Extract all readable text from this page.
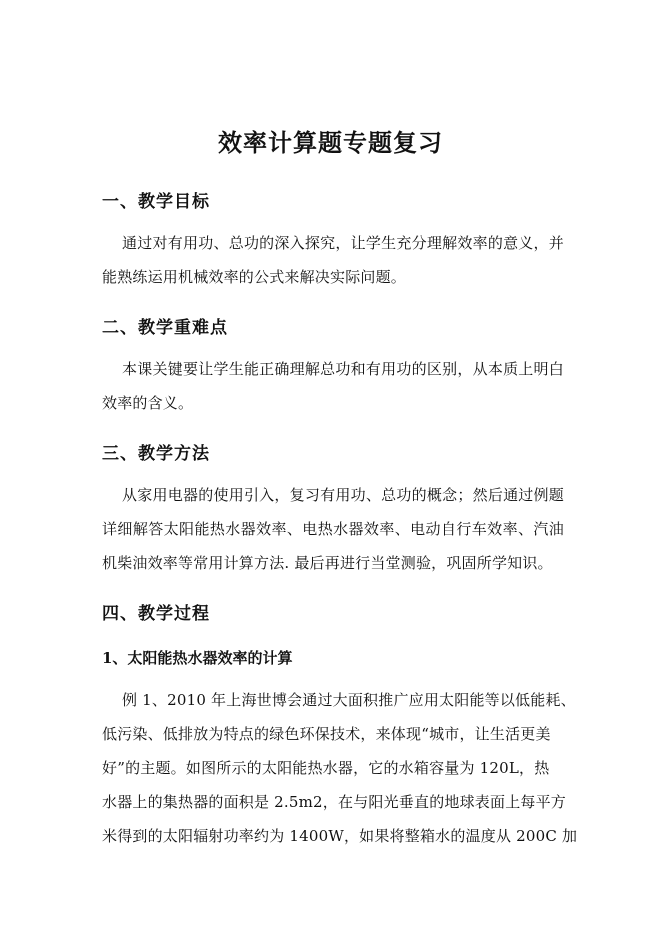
效率计算题专题复习
一、教学目标
通过对有用功、总功的深入探究，让学生充分理解效率的意义，并能熟练运用机械效率的公式来解决实际问题。
二、教学重难点
本课关键要让学生能正确理解总功和有用功的区别，从本质上明白效率的含义。
三、教学方法
从家用电器的使用引入，复习有用功、总功的概念；然后通过例题详细解答太阳能热水器效率、电热水器效率、电动自行车效率、汽油机柴油效率等常用计算方法. 最后再进行当堂测验，巩固所学知识。
四、教学过程
1、太阳能热水器效率的计算
例 1、2010 年上海世博会通过大面积推广应用太阳能等以低能耗、
低污染、低排放为特点的绿色环保技术，来体现“城市，让生活更美
好”的主题。如图所示的太阳能热水器，它的水箱容量为 120L，热
水器上的集热器的面积是 2.5m2，在与阳光垂直的地球表面上每平方
米得到的太阳辐射功率约为 1400W，如果将整箱水的温度从 200C 加
